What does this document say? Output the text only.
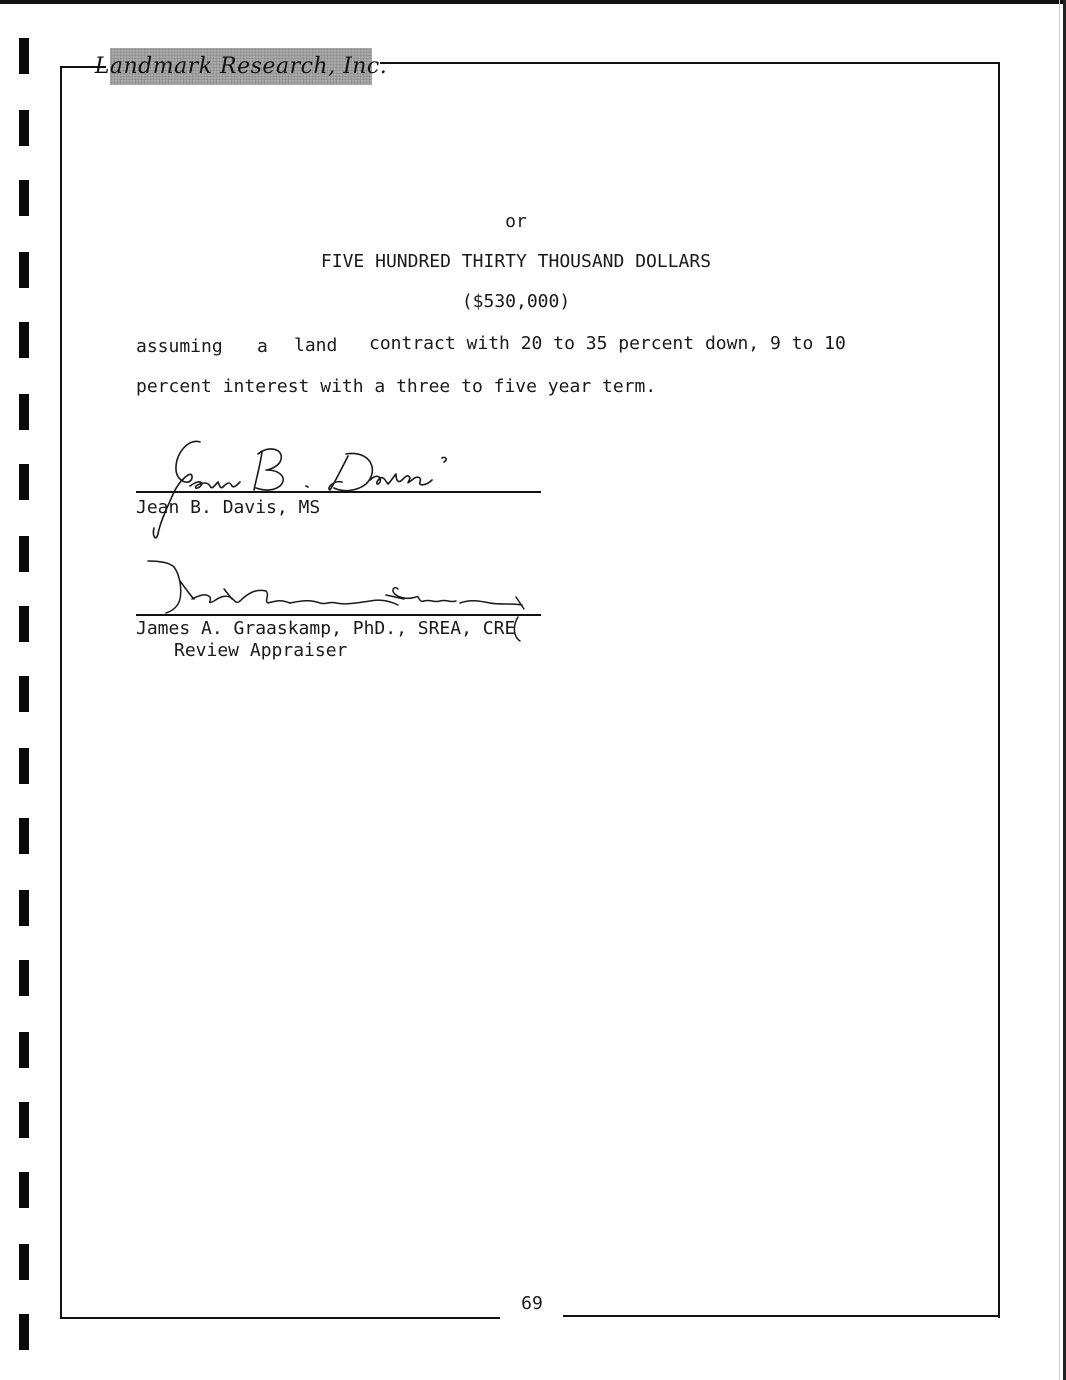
Landmark Research, Inc.
or
FIVE HUNDRED THIRTY THOUSAND DOLLARS
($530,000)
assuming a land contract with 20 to 35 percent down, 9 to 10
percent interest with a three to five year term.
Jean B. Davis, MS
James A. Graaskamp, PhD., SREA, CRE
Review Appraiser
69
